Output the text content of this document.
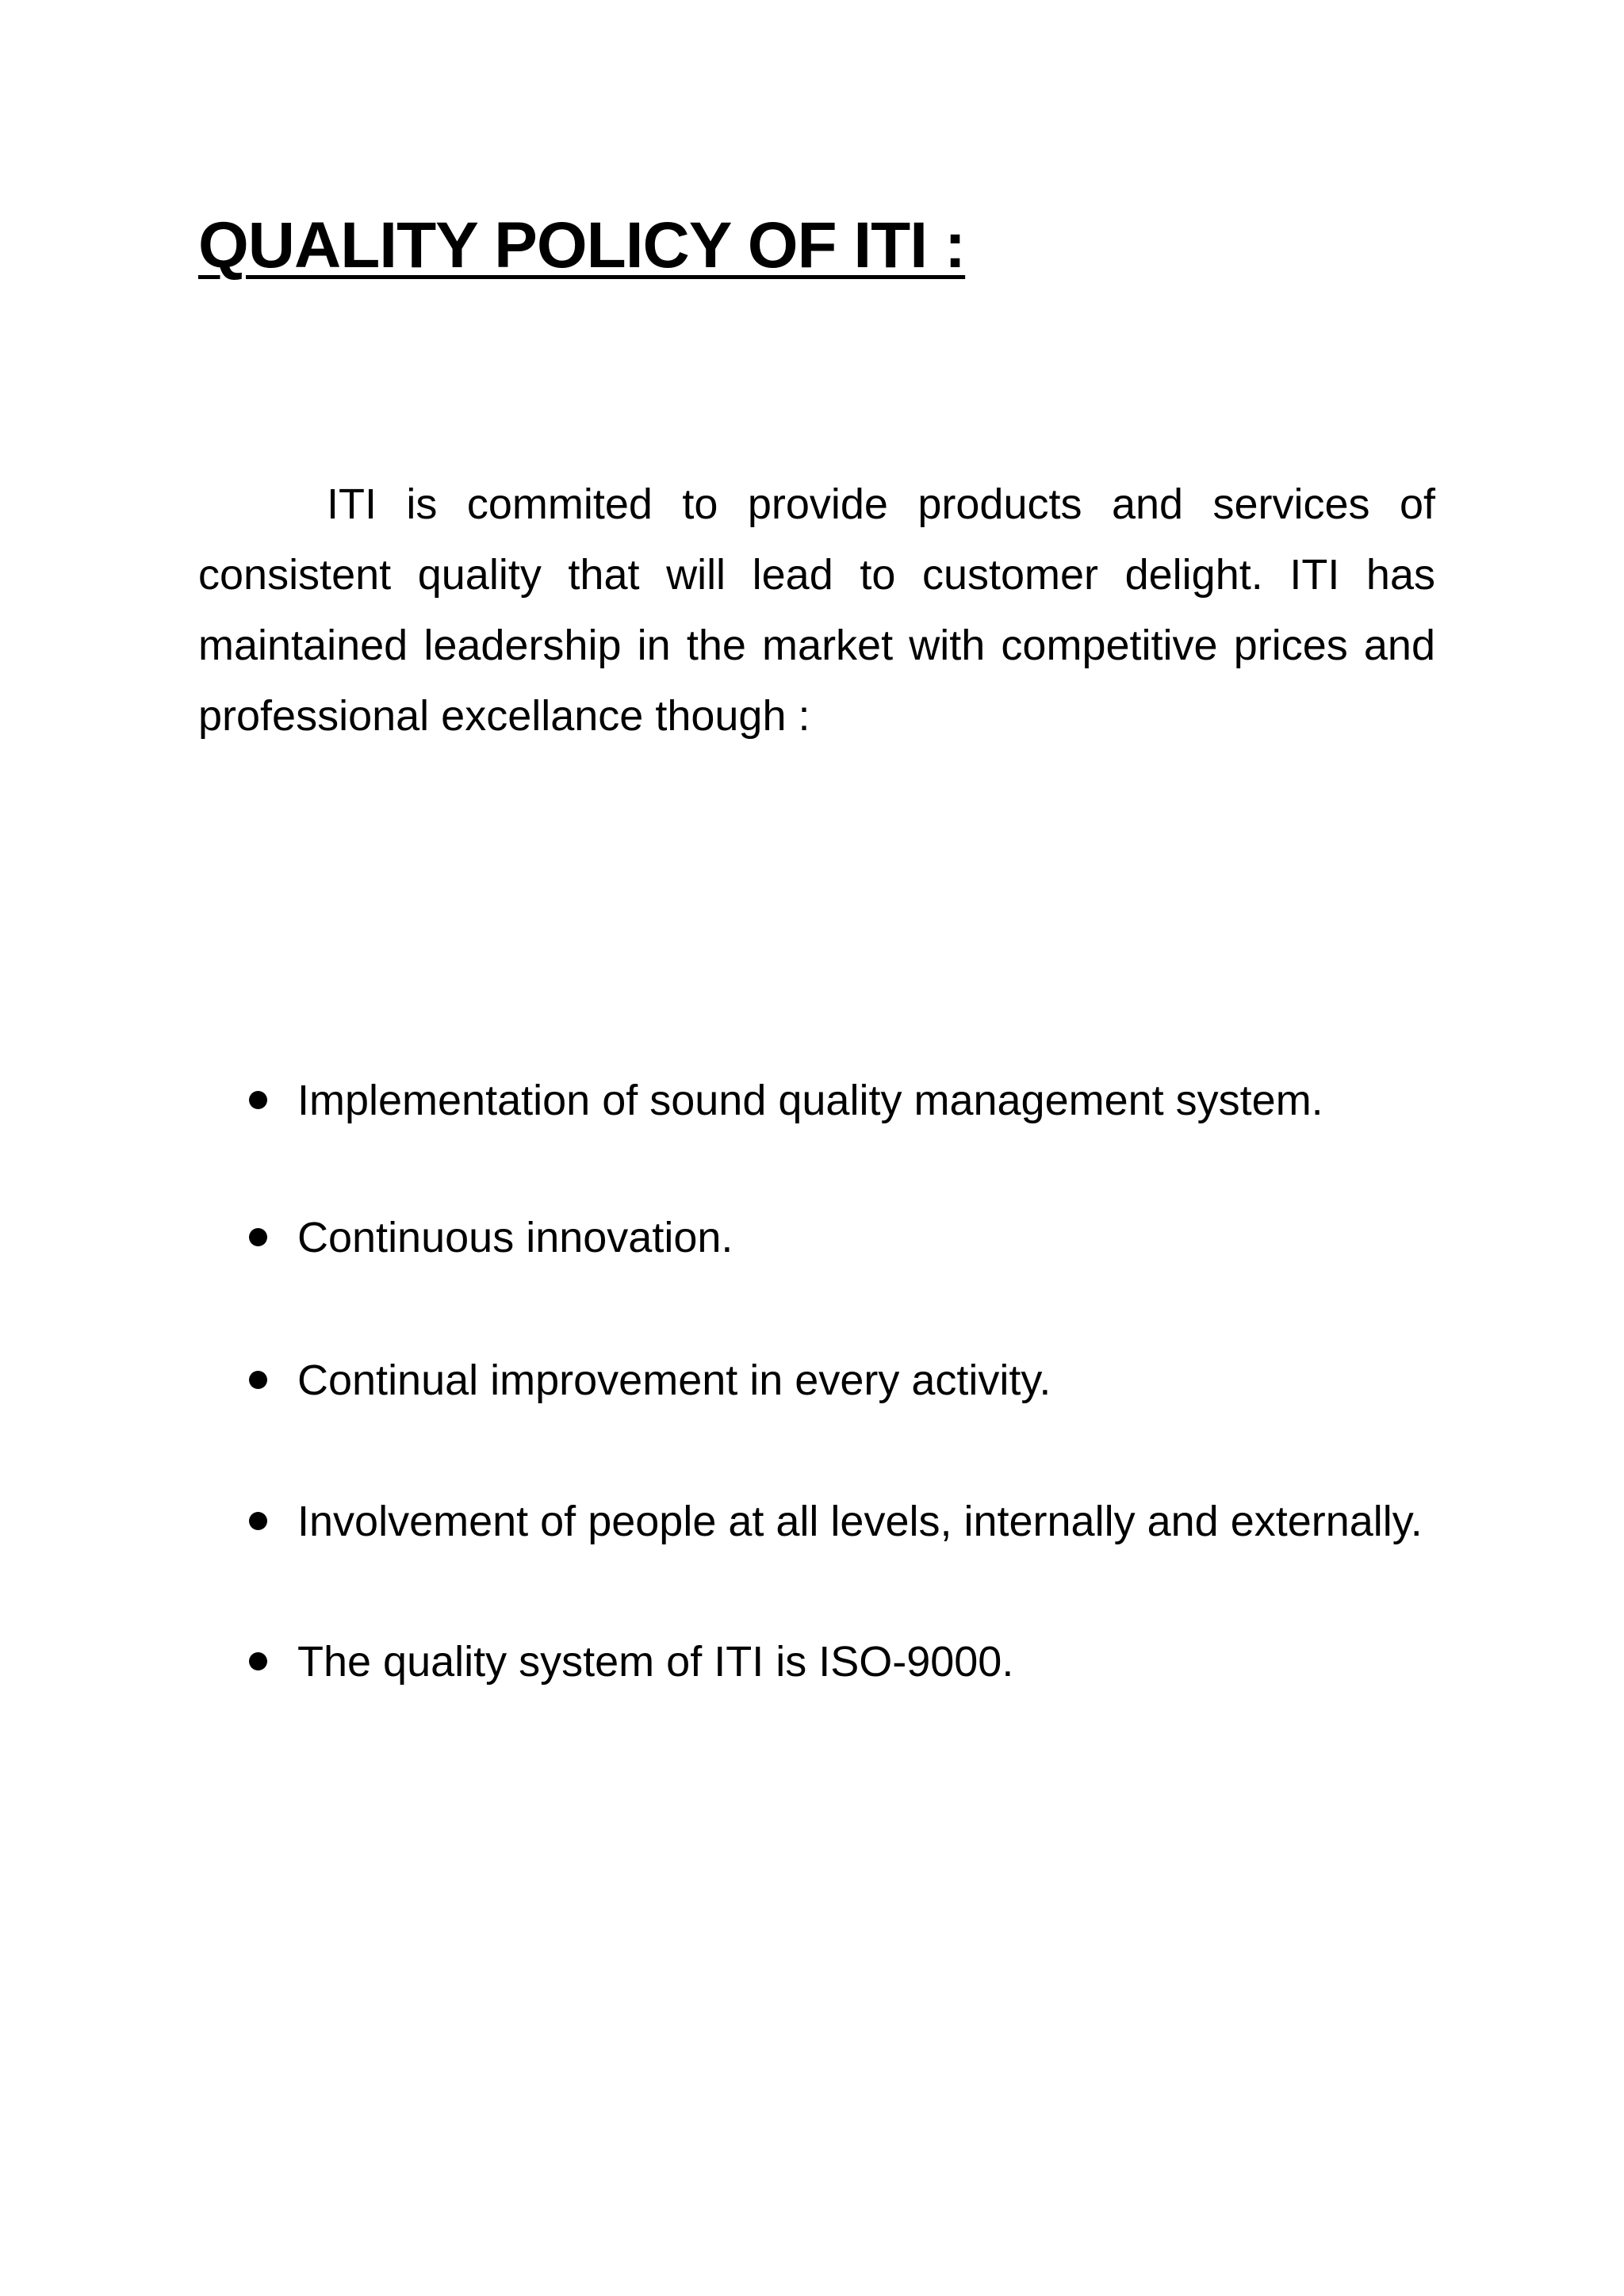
QUALITY POLICY OF ITI :

ITI is commited to provide products and services of consistent quality that will lead to customer delight. ITI has maintained leadership in the market with competitive prices and professional excellance though :

Implementation of sound quality management system.
Continuous innovation.
Continual improvement in every activity.
Involvement of people at all levels, internally and externally.
The quality system of ITI is ISO-9000.
